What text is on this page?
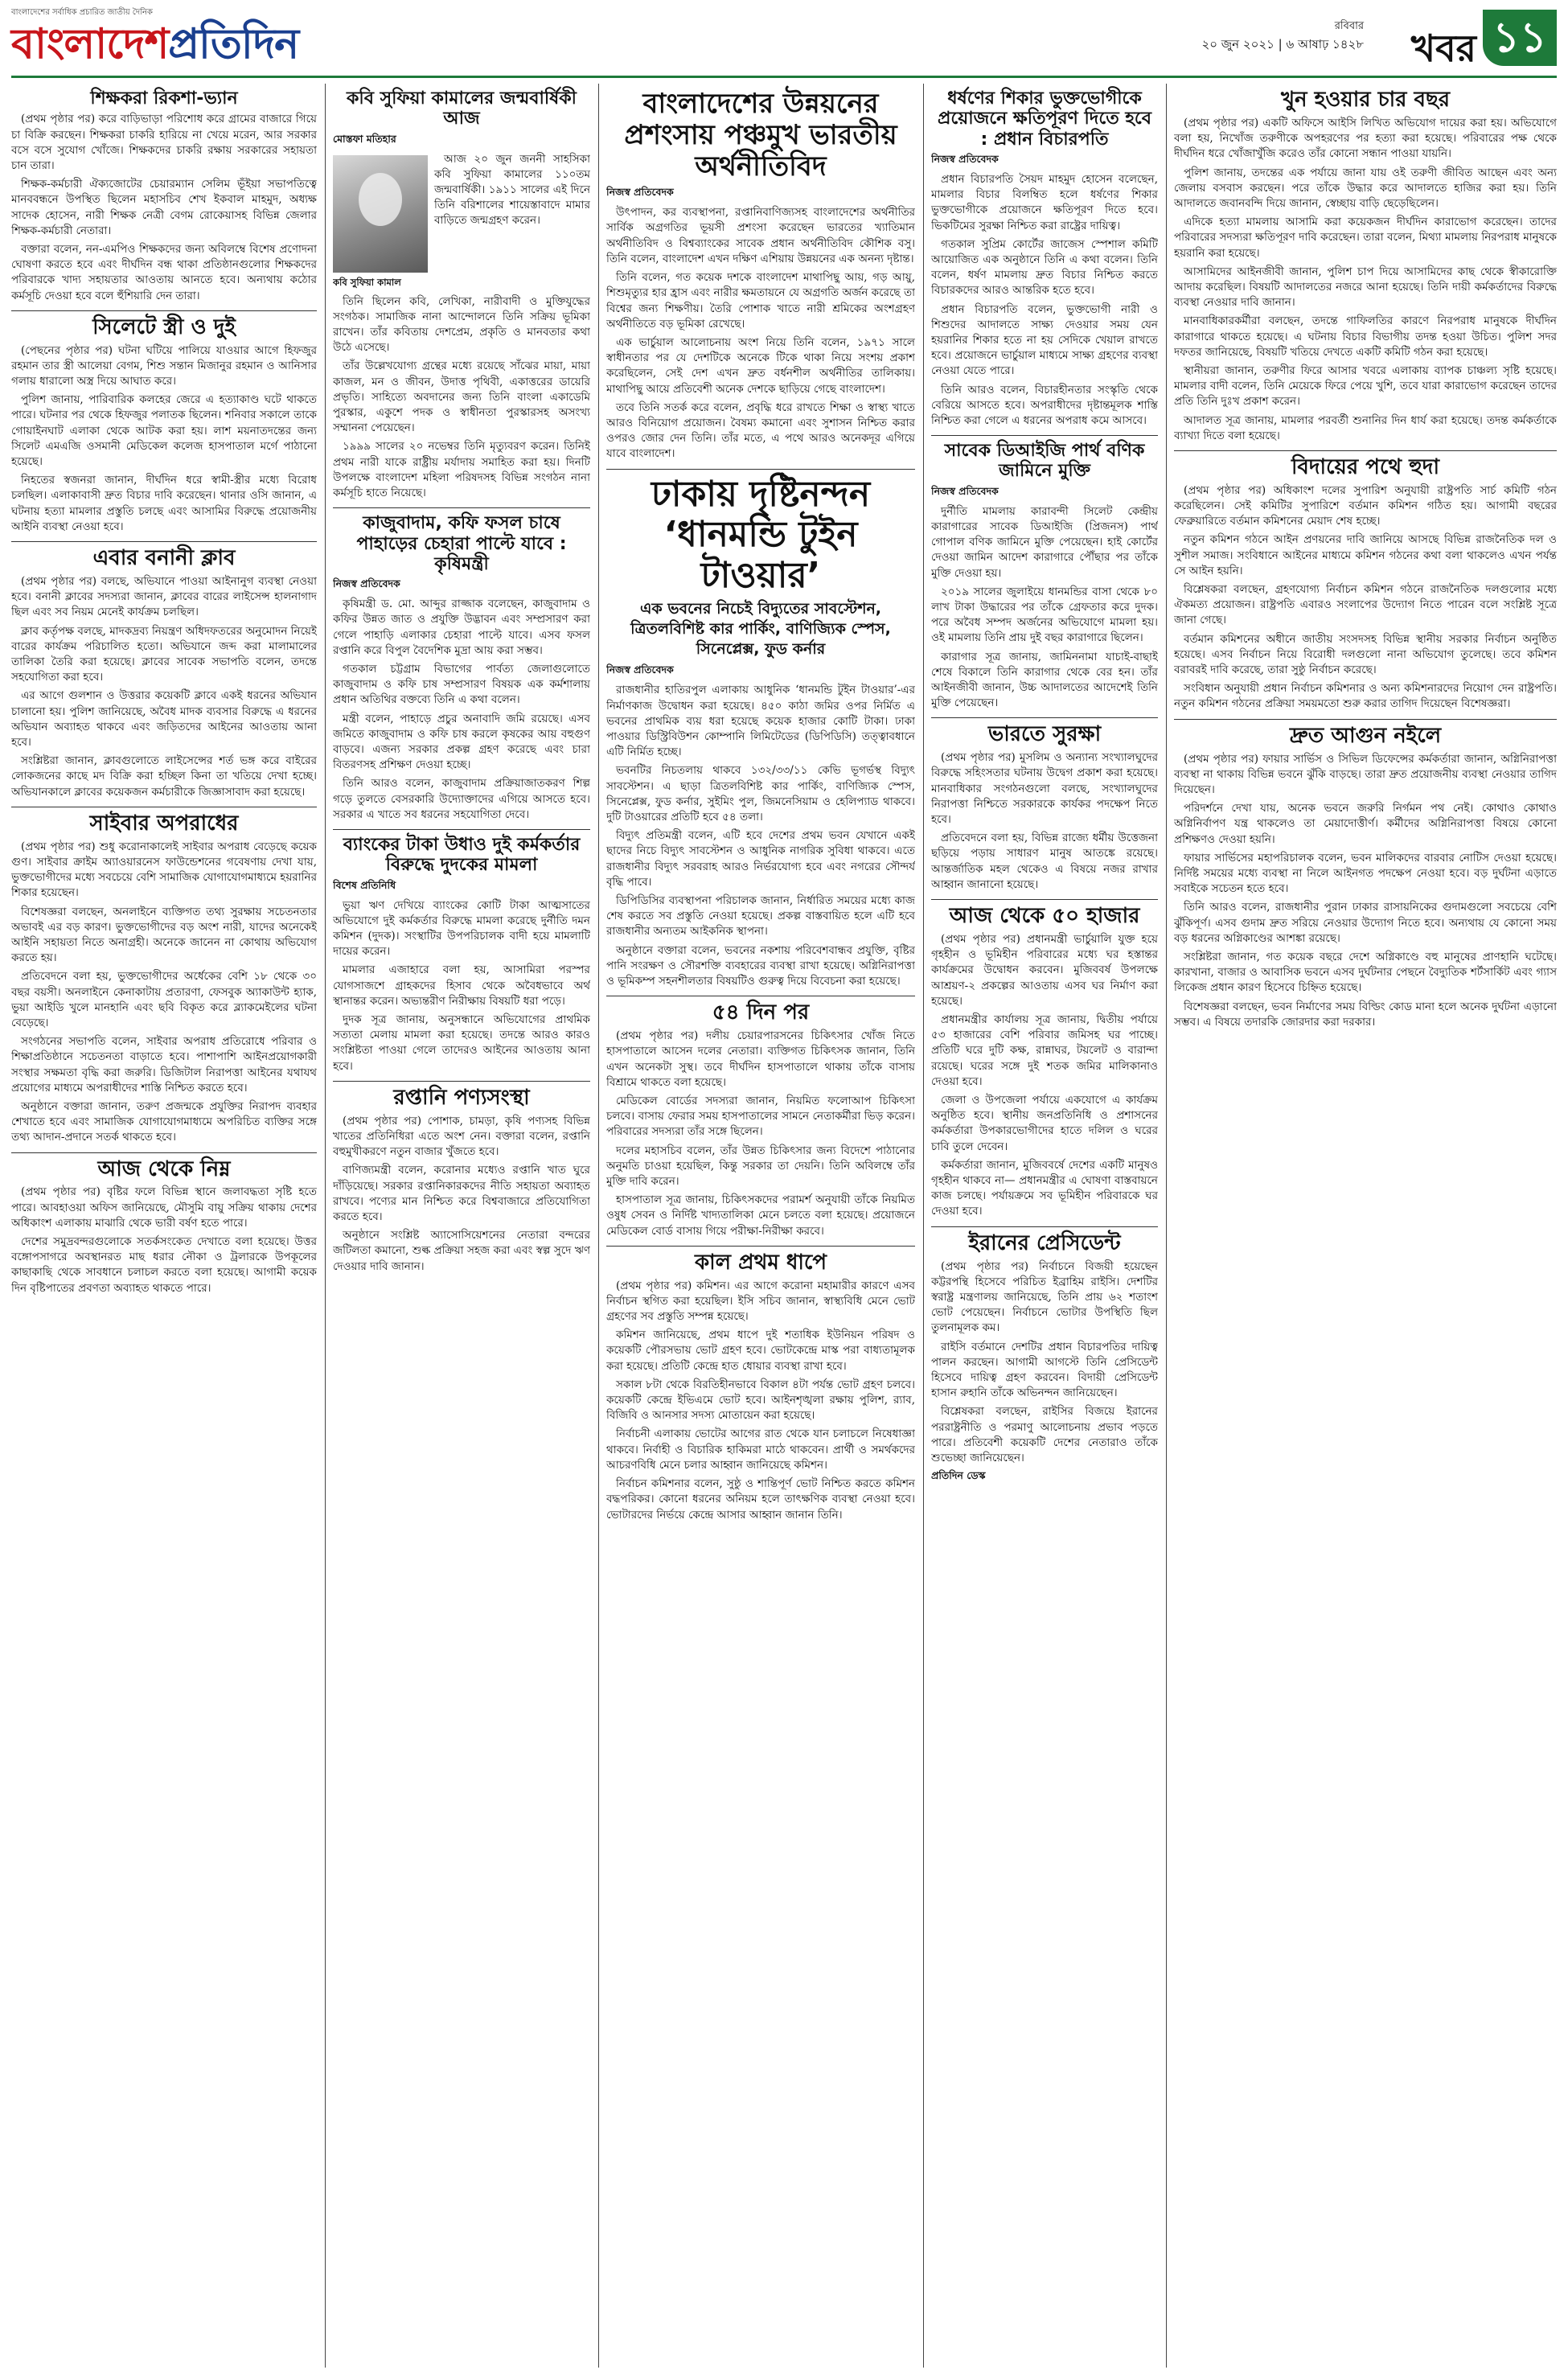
বাংলাদেশের সর্বাধিক প্রচারিত জাতীয় দৈনিক
বাংলাদেশপ্রতিদিন	রবিবার
২০ জুন ২০২১ | ৬ আষাঢ় ১৪২৮ খবর ১১
শিক্ষকরা রিকশা-ভ্যান

(প্রথম পৃষ্ঠার পর) করে বাড়িভাড়া পরিশোধ করে গ্রামের বাজারে গিয়ে চা বিক্রি করছেন। শিক্ষকরা চাকরি হারিয়ে না খেয়ে মরেন, আর সরকার বসে বসে সুযোগ খোঁজে। শিক্ষকদের চাকরি রক্ষায় সরকারের সহায়তা চান তারা।

শিক্ষক-কর্মচারী ঐক্যজোটের চেয়ারম্যান সেলিম ভূঁইয়া সভাপতিত্বে মানববন্ধনে উপস্থিত ছিলেন মহাসচিব শেখ ইকবাল মাহমুদ, অধ্যক্ষ সাদেক হোসেন, নারী শিক্ষক নেত্রী বেগম রোকেয়াসহ বিভিন্ন জেলার শিক্ষক-কর্মচারী নেতারা।

বক্তারা বলেন, নন-এমপিও শিক্ষকদের জন্য অবিলম্বে বিশেষ প্রণোদনা ঘোষণা করতে হবে এবং দীর্ঘদিন বন্ধ থাকা প্রতিষ্ঠানগুলোর শিক্ষকদের পরিবারকে খাদ্য সহায়তার আওতায় আনতে হবে। অন্যথায় কঠোর কর্মসূচি দেওয়া হবে বলে হুঁশিয়ারি দেন তারা।

সিলেটে স্ত্রী ও দুই

(পেছনের পৃষ্ঠার পর) ঘটনা ঘটিয়ে পালিয়ে যাওয়ার আগে হিফজুর রহমান তার স্ত্রী আলেয়া বেগম, শিশু সন্তান মিজানুর রহমান ও আনিসার গলায় ধারালো অস্ত্র দিয়ে আঘাত করে।

পুলিশ জানায়, পারিবারিক কলহের জেরে এ হত্যাকাণ্ড ঘটে থাকতে পারে। ঘটনার পর থেকে হিফজুর পলাতক ছিলেন। শনিবার সকালে তাকে গোয়াইনঘাট এলাকা থেকে আটক করা হয়। লাশ ময়নাতদন্তের জন্য সিলেট এমএজি ওসমানী মেডিকেল কলেজ হাসপাতাল মর্গে পাঠানো হয়েছে।

নিহতের স্বজনরা জানান, দীর্ঘদিন ধরে স্বামী-স্ত্রীর মধ্যে বিরোধ চলছিল। এলাকাবাসী দ্রুত বিচার দাবি করেছেন। থানার ওসি জানান, এ ঘটনায় হত্যা মামলার প্রস্তুতি চলছে এবং আসামির বিরুদ্ধে প্রয়োজনীয় আইনি ব্যবস্থা নেওয়া হবে।

এবার বনানী ক্লাব

(প্রথম পৃষ্ঠার পর) বলছে, অভিযানে পাওয়া আইনানুগ ব্যবস্থা নেওয়া হবে। বনানী ক্লাবের সদস্যরা জানান, ক্লাবের বারের লাইসেন্স হালনাগাদ ছিল এবং সব নিয়ম মেনেই কার্যক্রম চলছিল।

ক্লাব কর্তৃপক্ষ বলছে, মাদকদ্রব্য নিয়ন্ত্রণ অধিদফতরের অনুমোদন নিয়েই বারের কার্যক্রম পরিচালিত হতো। অভিযানে জব্দ করা মালামালের তালিকা তৈরি করা হয়েছে। ক্লাবের সাবেক সভাপতি বলেন, তদন্তে সহযোগিতা করা হবে।

এর আগে গুলশান ও উত্তরার কয়েকটি ক্লাবে একই ধরনের অভিযান চালানো হয়। পুলিশ জানিয়েছে, অবৈধ মাদক ব্যবসার বিরুদ্ধে এ ধরনের অভিযান অব্যাহত থাকবে এবং জড়িতদের আইনের আওতায় আনা হবে।

সংশ্লিষ্টরা জানান, ক্লাবগুলোতে লাইসেন্সের শর্ত ভঙ্গ করে বাইরের লোকজনের কাছে মদ বিক্রি করা হচ্ছিল কিনা তা খতিয়ে দেখা হচ্ছে। অভিযানকালে ক্লাবের কয়েকজন কর্মচারীকে জিজ্ঞাসাবাদ করা হয়েছে।

সাইবার অপরাধের

(প্রথম পৃষ্ঠার পর) শুধু করোনাকালেই সাইবার অপরাধ বেড়েছে কয়েক গুণ। সাইবার ক্রাইম অ্যাওয়ারনেস ফাউন্ডেশনের গবেষণায় দেখা যায়, ভুক্তভোগীদের মধ্যে সবচেয়ে বেশি সামাজিক যোগাযোগমাধ্যমে হয়রানির শিকার হয়েছেন।

বিশেষজ্ঞরা বলছেন, অনলাইনে ব্যক্তিগত তথ্য সুরক্ষায় সচেতনতার অভাবই এর বড় কারণ। ভুক্তভোগীদের বড় অংশ নারী, যাদের অনেকেই আইনি সহায়তা নিতে অনাগ্রহী। অনেকে জানেন না কোথায় অভিযোগ করতে হয়।

প্রতিবেদনে বলা হয়, ভুক্তভোগীদের অর্ধেকের বেশি ১৮ থেকে ৩০ বছর বয়সী। অনলাইনে কেনাকাটায় প্রতারণা, ফেসবুক অ্যাকাউন্ট হ্যাক, ভুয়া আইডি খুলে মানহানি এবং ছবি বিকৃত করে ব্ল্যাকমেইলের ঘটনা বেড়েছে।

সংগঠনের সভাপতি বলেন, সাইবার অপরাধ প্রতিরোধে পরিবার ও শিক্ষাপ্রতিষ্ঠানে সচেতনতা বাড়াতে হবে। পাশাপাশি আইনপ্রয়োগকারী সংস্থার সক্ষমতা বৃদ্ধি করা জরুরি। ডিজিটাল নিরাপত্তা আইনের যথাযথ প্রয়োগের মাধ্যমে অপরাধীদের শাস্তি নিশ্চিত করতে হবে।

অনুষ্ঠানে বক্তারা জানান, তরুণ প্রজন্মকে প্রযুক্তির নিরাপদ ব্যবহার শেখাতে হবে এবং সামাজিক যোগাযোগমাধ্যমে অপরিচিত ব্যক্তির সঙ্গে তথ্য আদান-প্রদানে সতর্ক থাকতে হবে।

আজ থেকে নিম্ন

(প্রথম পৃষ্ঠার পর) বৃষ্টির ফলে বিভিন্ন স্থানে জলাবদ্ধতা সৃষ্টি হতে পারে। আবহাওয়া অফিস জানিয়েছে, মৌসুমি বায়ু সক্রিয় থাকায় দেশের অধিকাংশ এলাকায় মাঝারি থেকে ভারী বর্ষণ হতে পারে।

দেশের সমুদ্রবন্দরগুলোকে সতর্কসংকেত দেখাতে বলা হয়েছে। উত্তর বঙ্গোপসাগরে অবস্থানরত মাছ ধরার নৌকা ও ট্রলারকে উপকূলের কাছাকাছি থেকে সাবধানে চলাচল করতে বলা হয়েছে। আগামী কয়েক দিন বৃষ্টিপাতের প্রবণতা অব্যাহত থাকতে পারে।

কবি সুফিয়া কামালের জন্মবার্ষিকী আজ
মোস্তফা মতিহার

আজ ২০ জুন জননী সাহসিকা কবি সুফিয়া কামালের ১১০তম জন্মবার্ষিকী। ১৯১১ সালের এই দিনে তিনি বরিশালের শায়েস্তাবাদে মামার বাড়িতে জন্মগ্রহণ করেন।

কবি সুফিয়া কামাল

তিনি ছিলেন কবি, লেখিকা, নারীবাদী ও মুক্তিযুদ্ধের সংগঠক। সামাজিক নানা আন্দোলনে তিনি সক্রিয় ভূমিকা রাখেন। তাঁর কবিতায় দেশপ্রেম, প্রকৃতি ও মানবতার কথা উঠে এসেছে।

তাঁর উল্লেখযোগ্য গ্রন্থের মধ্যে রয়েছে সাঁঝের মায়া, মায়া কাজল, মন ও জীবন, উদাত্ত পৃথিবী, একাত্তরের ডায়েরি প্রভৃতি। সাহিত্যে অবদানের জন্য তিনি বাংলা একাডেমি পুরস্কার, একুশে পদক ও স্বাধীনতা পুরস্কারসহ অসংখ্য সম্মাননা পেয়েছেন।

১৯৯৯ সালের ২০ নভেম্বর তিনি মৃত্যুবরণ করেন। তিনিই প্রথম নারী যাকে রাষ্ট্রীয় মর্যাদায় সমাহিত করা হয়। দিনটি উপলক্ষে বাংলাদেশ মহিলা পরিষদসহ বিভিন্ন সংগঠন নানা কর্মসূচি হাতে নিয়েছে।

কাজুবাদাম, কফি ফসল চাষে পাহাড়ের চেহারা পাল্টে যাবে : কৃষিমন্ত্রী
নিজস্ব প্রতিবেদক

কৃষিমন্ত্রী ড. মো. আব্দুর রাজ্জাক বলেছেন, কাজুবাদাম ও কফির উন্নত জাত ও প্রযুক্তি উদ্ভাবন এবং সম্প্রসারণ করা গেলে পাহাড়ি এলাকার চেহারা পাল্টে যাবে। এসব ফসল রপ্তানি করে বিপুল বৈদেশিক মুদ্রা আয় করা সম্ভব।

গতকাল চট্টগ্রাম বিভাগের পার্বত্য জেলাগুলোতে কাজুবাদাম ও কফি চাষ সম্প্রসারণ বিষয়ক এক কর্মশালায় প্রধান অতিথির বক্তব্যে তিনি এ কথা বলেন।

মন্ত্রী বলেন, পাহাড়ে প্রচুর অনাবাদি জমি রয়েছে। এসব জমিতে কাজুবাদাম ও কফি চাষ করলে কৃষকের আয় বহুগুণ বাড়বে। এজন্য সরকার প্রকল্প গ্রহণ করেছে এবং চারা বিতরণসহ প্রশিক্ষণ দেওয়া হচ্ছে।

তিনি আরও বলেন, কাজুবাদাম প্রক্রিয়াজাতকরণ শিল্প গড়ে তুলতে বেসরকারি উদ্যোক্তাদের এগিয়ে আসতে হবে। সরকার এ খাতে সব ধরনের সহযোগিতা দেবে।

ব্যাংকের টাকা উধাও দুই কর্মকর্তার বিরুদ্ধে দুদকের মামলা
বিশেষ প্রতিনিধি

ভুয়া ঋণ দেখিয়ে ব্যাংকের কোটি টাকা আত্মসাতের অভিযোগে দুই কর্মকর্তার বিরুদ্ধে মামলা করেছে দুর্নীতি দমন কমিশন (দুদক)। সংস্থাটির উপপরিচালক বাদী হয়ে মামলাটি দায়ের করেন।

মামলার এজাহারে বলা হয়, আসামিরা পরস্পর যোগসাজশে গ্রাহকদের হিসাব থেকে অবৈধভাবে অর্থ স্থানান্তর করেন। অভ্যন্তরীণ নিরীক্ষায় বিষয়টি ধরা পড়ে।

দুদক সূত্র জানায়, অনুসন্ধানে অভিযোগের প্রাথমিক সত্যতা মেলায় মামলা করা হয়েছে। তদন্তে আরও কারও সংশ্লিষ্টতা পাওয়া গেলে তাদেরও আইনের আওতায় আনা হবে।

রপ্তানি পণ্যসংস্থা

(প্রথম পৃষ্ঠার পর) পোশাক, চামড়া, কৃষি পণ্যসহ বিভিন্ন খাতের প্রতিনিধিরা এতে অংশ নেন। বক্তারা বলেন, রপ্তানি বহুমুখীকরণে নতুন বাজার খুঁজতে হবে।

বাণিজ্যমন্ত্রী বলেন, করোনার মধ্যেও রপ্তানি খাত ঘুরে দাঁড়িয়েছে। সরকার রপ্তানিকারকদের নীতি সহায়তা অব্যাহত রাখবে। পণ্যের মান নিশ্চিত করে বিশ্ববাজারে প্রতিযোগিতা করতে হবে।

অনুষ্ঠানে সংশ্লিষ্ট অ্যাসোসিয়েশনের নেতারা বন্দরের জটিলতা কমানো, শুল্ক প্রক্রিয়া সহজ করা এবং স্বল্প সুদে ঋণ দেওয়ার দাবি জানান।

বাংলাদেশের উন্নয়নের প্রশংসায় পঞ্চমুখ ভারতীয় অর্থনীতিবিদ
নিজস্ব প্রতিবেদক

উৎপাদন, কর ব্যবস্থাপনা, রপ্তানিবাণিজ্যসহ বাংলাদেশের অর্থনীতির সার্বিক অগ্রগতির ভূয়সী প্রশংসা করেছেন ভারতের খ্যাতিমান অর্থনীতিবিদ ও বিশ্বব্যাংকের সাবেক প্রধান অর্থনীতিবিদ কৌশিক বসু। তিনি বলেন, বাংলাদেশ এখন দক্ষিণ এশিয়ায় উন্নয়নের এক অনন্য দৃষ্টান্ত।

তিনি বলেন, গত কয়েক দশকে বাংলাদেশ মাথাপিছু আয়, গড় আয়ু, শিশুমৃত্যুর হার হ্রাস এবং নারীর ক্ষমতায়নে যে অগ্রগতি অর্জন করেছে তা বিশ্বের জন্য শিক্ষণীয়। তৈরি পোশাক খাতে নারী শ্রমিকের অংশগ্রহণ অর্থনীতিতে বড় ভূমিকা রেখেছে।

এক ভার্চুয়াল আলোচনায় অংশ নিয়ে তিনি বলেন, ১৯৭১ সালে স্বাধীনতার পর যে দেশটিকে অনেকে টিকে থাকা নিয়ে সংশয় প্রকাশ করেছিলেন, সেই দেশ এখন দ্রুত বর্ধনশীল অর্থনীতির তালিকায়। মাথাপিছু আয়ে প্রতিবেশী অনেক দেশকে ছাড়িয়ে গেছে বাংলাদেশ।

তবে তিনি সতর্ক করে বলেন, প্রবৃদ্ধি ধরে রাখতে শিক্ষা ও স্বাস্থ্য খাতে আরও বিনিয়োগ প্রয়োজন। বৈষম্য কমানো এবং সুশাসন নিশ্চিত করার ওপরও জোর দেন তিনি। তাঁর মতে, এ পথে আরও অনেকদূর এগিয়ে যাবে বাংলাদেশ।

ঢাকায় দৃষ্টিনন্দন ‘ধানমন্ডি টুইন টাওয়ার’
এক ভবনের নিচেই বিদ্যুতের সাবস্টেশন, ত্রিতলবিশিষ্ট কার পার্কিং, বাণিজ্যিক স্পেস, সিনেপ্লেক্স, ফুড কর্নার
নিজস্ব প্রতিবেদক

রাজধানীর হাতিরপুল এলাকায় আধুনিক ‘ধানমন্ডি টুইন টাওয়ার’-এর নির্মাণকাজ উদ্বোধন করা হয়েছে। ৪৫০ কাঠা জমির ওপর নির্মিত এ ভবনের প্রাথমিক ব্যয় ধরা হয়েছে কয়েক হাজার কোটি টাকা। ঢাকা পাওয়ার ডিস্ট্রিবিউশন কোম্পানি লিমিটেডের (ডিপিডিসি) তত্ত্বাবধানে এটি নির্মিত হচ্ছে।

ভবনটির নিচতলায় থাকবে ১৩২/৩৩/১১ কেভি ভূগর্ভস্থ বিদ্যুৎ সাবস্টেশন। এ ছাড়া ত্রিতলবিশিষ্ট কার পার্কিং, বাণিজ্যিক স্পেস, সিনেপ্লেক্স, ফুড কর্নার, সুইমিং পুল, জিমনেসিয়াম ও হেলিপ্যাড থাকবে। দুটি টাওয়ারের প্রতিটি হবে ৫৪ তলা।

বিদ্যুৎ প্রতিমন্ত্রী বলেন, এটি হবে দেশের প্রথম ভবন যেখানে একই ছাদের নিচে বিদ্যুৎ সাবস্টেশন ও আধুনিক নাগরিক সুবিধা থাকবে। এতে রাজধানীর বিদ্যুৎ সরবরাহ আরও নির্ভরযোগ্য হবে এবং নগরের সৌন্দর্য বৃদ্ধি পাবে।

ডিপিডিসির ব্যবস্থাপনা পরিচালক জানান, নির্ধারিত সময়ের মধ্যে কাজ শেষ করতে সব প্রস্তুতি নেওয়া হয়েছে। প্রকল্প বাস্তবায়িত হলে এটি হবে রাজধানীর অন্যতম আইকনিক স্থাপনা।

অনুষ্ঠানে বক্তারা বলেন, ভবনের নকশায় পরিবেশবান্ধব প্রযুক্তি, বৃষ্টির পানি সংরক্ষণ ও সৌরশক্তি ব্যবহারের ব্যবস্থা রাখা হয়েছে। অগ্নিনিরাপত্তা ও ভূমিকম্প সহনশীলতার বিষয়টিও গুরুত্ব দিয়ে বিবেচনা করা হয়েছে।

৫৪ দিন পর

(প্রথম পৃষ্ঠার পর) দলীয় চেয়ারপারসনের চিকিৎসার খোঁজ নিতে হাসপাতালে আসেন দলের নেতারা। ব্যক্তিগত চিকিৎসক জানান, তিনি এখন অনেকটা সুস্থ। তবে দীর্ঘদিন হাসপাতালে থাকায় তাঁকে বাসায় বিশ্রামে থাকতে বলা হয়েছে।

মেডিকেল বোর্ডের সদস্যরা জানান, নিয়মিত ফলোআপ চিকিৎসা চলবে। বাসায় ফেরার সময় হাসপাতালের সামনে নেতাকর্মীরা ভিড় করেন। পরিবারের সদস্যরা তাঁর সঙ্গে ছিলেন।

দলের মহাসচিব বলেন, তাঁর উন্নত চিকিৎসার জন্য বিদেশে পাঠানোর অনুমতি চাওয়া হয়েছিল, কিন্তু সরকার তা দেয়নি। তিনি অবিলম্বে তাঁর মুক্তি দাবি করেন।

হাসপাতাল সূত্র জানায়, চিকিৎসকদের পরামর্শ অনুযায়ী তাঁকে নিয়মিত ওষুধ সেবন ও নির্দিষ্ট খাদ্যতালিকা মেনে চলতে বলা হয়েছে। প্রয়োজনে মেডিকেল বোর্ড বাসায় গিয়ে পরীক্ষা-নিরীক্ষা করবে।

কাল প্রথম ধাপে

(প্রথম পৃষ্ঠার পর) কমিশন। এর আগে করোনা মহামারীর কারণে এসব নির্বাচন স্থগিত করা হয়েছিল। ইসি সচিব জানান, স্বাস্থ্যবিধি মেনে ভোট গ্রহণের সব প্রস্তুতি সম্পন্ন হয়েছে।

কমিশন জানিয়েছে, প্রথম ধাপে দুই শতাধিক ইউনিয়ন পরিষদ ও কয়েকটি পৌরসভায় ভোট গ্রহণ হবে। ভোটকেন্দ্রে মাস্ক পরা বাধ্যতামূলক করা হয়েছে। প্রতিটি কেন্দ্রে হাত ধোয়ার ব্যবস্থা রাখা হবে।

সকাল ৮টা থেকে বিরতিহীনভাবে বিকাল ৪টা পর্যন্ত ভোট গ্রহণ চলবে। কয়েকটি কেন্দ্রে ইভিএমে ভোট হবে। আইনশৃঙ্খলা রক্ষায় পুলিশ, র‍্যাব, বিজিবি ও আনসার সদস্য মোতায়েন করা হয়েছে।

নির্বাচনী এলাকায় ভোটের আগের রাত থেকে যান চলাচলে নিষেধাজ্ঞা থাকবে। নির্বাহী ও বিচারিক হাকিমরা মাঠে থাকবেন। প্রার্থী ও সমর্থকদের আচরণবিধি মেনে চলার আহ্বান জানিয়েছে কমিশন।

নির্বাচন কমিশনার বলেন, সুষ্ঠু ও শান্তিপূর্ণ ভোট নিশ্চিত করতে কমিশন বদ্ধপরিকর। কোনো ধরনের অনিয়ম হলে তাৎক্ষণিক ব্যবস্থা নেওয়া হবে। ভোটারদের নির্ভয়ে কেন্দ্রে আসার আহ্বান জানান তিনি।

ধর্ষণের শিকার ভুক্তভোগীকে প্রয়োজনে ক্ষতিপূরণ দিতে হবে : প্রধান বিচারপতি
নিজস্ব প্রতিবেদক

প্রধান বিচারপতি সৈয়দ মাহমুদ হোসেন বলেছেন, মামলার বিচার বিলম্বিত হলে ধর্ষণের শিকার ভুক্তভোগীকে প্রয়োজনে ক্ষতিপূরণ দিতে হবে। ভিকটিমের সুরক্ষা নিশ্চিত করা রাষ্ট্রের দায়িত্ব।

গতকাল সুপ্রিম কোর্টের জাজেস স্পেশাল কমিটি আয়োজিত এক অনুষ্ঠানে তিনি এ কথা বলেন। তিনি বলেন, ধর্ষণ মামলায় দ্রুত বিচার নিশ্চিত করতে বিচারকদের আরও আন্তরিক হতে হবে।

প্রধান বিচারপতি বলেন, ভুক্তভোগী নারী ও শিশুদের আদালতে সাক্ষ্য দেওয়ার সময় যেন হয়রানির শিকার হতে না হয় সেদিকে খেয়াল রাখতে হবে। প্রয়োজনে ভার্চুয়াল মাধ্যমে সাক্ষ্য গ্রহণের ব্যবস্থা নেওয়া যেতে পারে।

তিনি আরও বলেন, বিচারহীনতার সংস্কৃতি থেকে বেরিয়ে আসতে হবে। অপরাধীদের দৃষ্টান্তমূলক শাস্তি নিশ্চিত করা গেলে এ ধরনের অপরাধ কমে আসবে।

সাবেক ডিআইজি পার্থ বণিক জামিনে মুক্তি
নিজস্ব প্রতিবেদক

দুর্নীতি মামলায় কারাবন্দী সিলেট কেন্দ্রীয় কারাগারের সাবেক ডিআইজি (প্রিজনস) পার্থ গোপাল বণিক জামিনে মুক্তি পেয়েছেন। হাই কোর্টের দেওয়া জামিন আদেশ কারাগারে পৌঁছার পর তাঁকে মুক্তি দেওয়া হয়।

২০১৯ সালের জুলাইয়ে ধানমন্ডির বাসা থেকে ৮০ লাখ টাকা উদ্ধারের পর তাঁকে গ্রেফতার করে দুদক। পরে অবৈধ সম্পদ অর্জনের অভিযোগে মামলা হয়। ওই মামলায় তিনি প্রায় দুই বছর কারাগারে ছিলেন।

কারাগার সূত্র জানায়, জামিননামা যাচাই-বাছাই শেষে বিকালে তিনি কারাগার থেকে বের হন। তাঁর আইনজীবী জানান, উচ্চ আদালতের আদেশেই তিনি মুক্তি পেয়েছেন।

ভারতে সুরক্ষা

(প্রথম পৃষ্ঠার পর) মুসলিম ও অন্যান্য সংখ্যালঘুদের বিরুদ্ধে সহিংসতার ঘটনায় উদ্বেগ প্রকাশ করা হয়েছে। মানবাধিকার সংগঠনগুলো বলছে, সংখ্যালঘুদের নিরাপত্তা নিশ্চিতে সরকারকে কার্যকর পদক্ষেপ নিতে হবে।

প্রতিবেদনে বলা হয়, বিভিন্ন রাজ্যে ধর্মীয় উত্তেজনা ছড়িয়ে পড়ায় সাধারণ মানুষ আতঙ্কে রয়েছে। আন্তর্জাতিক মহল থেকেও এ বিষয়ে নজর রাখার আহ্বান জানানো হয়েছে।

আজ থেকে ৫০ হাজার

(প্রথম পৃষ্ঠার পর) প্রধানমন্ত্রী ভার্চুয়ালি যুক্ত হয়ে গৃহহীন ও ভূমিহীন পরিবারের মধ্যে ঘর হস্তান্তর কার্যক্রমের উদ্বোধন করবেন। মুজিববর্ষ উপলক্ষে আশ্রয়ণ-২ প্রকল্পের আওতায় এসব ঘর নির্মাণ করা হয়েছে।

প্রধানমন্ত্রীর কার্যালয় সূত্র জানায়, দ্বিতীয় পর্যায়ে ৫৩ হাজারের বেশি পরিবার জমিসহ ঘর পাচ্ছে। প্রতিটি ঘরে দুটি কক্ষ, রান্নাঘর, টয়লেট ও বারান্দা রয়েছে। ঘরের সঙ্গে দুই শতক জমির মালিকানাও দেওয়া হবে।

জেলা ও উপজেলা পর্যায়ে একযোগে এ কার্যক্রম অনুষ্ঠিত হবে। স্থানীয় জনপ্রতিনিধি ও প্রশাসনের কর্মকর্তারা উপকারভোগীদের হাতে দলিল ও ঘরের চাবি তুলে দেবেন।

কর্মকর্তারা জানান, মুজিববর্ষে দেশের একটি মানুষও গৃহহীন থাকবে না— প্রধানমন্ত্রীর এ ঘোষণা বাস্তবায়নে কাজ চলছে। পর্যায়ক্রমে সব ভূমিহীন পরিবারকে ঘর দেওয়া হবে।

ইরানের প্রেসিডেন্ট

(প্রথম পৃষ্ঠার পর) নির্বাচনে বিজয়ী হয়েছেন কট্টরপন্থি হিসেবে পরিচিত ইব্রাহিম রাইসি। দেশটির স্বরাষ্ট্র মন্ত্রণালয় জানিয়েছে, তিনি প্রায় ৬২ শতাংশ ভোট পেয়েছেন। নির্বাচনে ভোটার উপস্থিতি ছিল তুলনামূলক কম।

রাইসি বর্তমানে দেশটির প্রধান বিচারপতির দায়িত্ব পালন করছেন। আগামী আগস্টে তিনি প্রেসিডেন্ট হিসেবে দায়িত্ব গ্রহণ করবেন। বিদায়ী প্রেসিডেন্ট হাসান রুহানি তাঁকে অভিনন্দন জানিয়েছেন।

বিশ্লেষকরা বলছেন, রাইসির বিজয়ে ইরানের পররাষ্ট্রনীতি ও পরমাণু আলোচনায় প্রভাব পড়তে পারে। প্রতিবেশী কয়েকটি দেশের নেতারাও তাঁকে শুভেচ্ছা জানিয়েছেন।

প্রতিদিন ডেস্ক
খুন হওয়ার চার বছর

(প্রথম পৃষ্ঠার পর) একটি অফিসে আইসি লিখিত অভিযোগ দায়ের করা হয়। অভিযোগে বলা হয়, নিখোঁজ তরুণীকে অপহরণের পর হত্যা করা হয়েছে। পরিবারের পক্ষ থেকে দীর্ঘদিন ধরে খোঁজাখুঁজি করেও তাঁর কোনো সন্ধান পাওয়া যায়নি।

পুলিশ জানায়, তদন্তের এক পর্যায়ে জানা যায় ওই তরুণী জীবিত আছেন এবং অন্য জেলায় বসবাস করছেন। পরে তাঁকে উদ্ধার করে আদালতে হাজির করা হয়। তিনি আদালতে জবানবন্দি দিয়ে জানান, স্বেচ্ছায় বাড়ি ছেড়েছিলেন।

এদিকে হত্যা মামলায় আসামি করা কয়েকজন দীর্ঘদিন কারাভোগ করেছেন। তাদের পরিবারের সদস্যরা ক্ষতিপূরণ দাবি করেছেন। তারা বলেন, মিথ্যা মামলায় নিরপরাধ মানুষকে হয়রানি করা হয়েছে।

আসামিদের আইনজীবী জানান, পুলিশ চাপ দিয়ে আসামিদের কাছ থেকে স্বীকারোক্তি আদায় করেছিল। বিষয়টি আদালতের নজরে আনা হয়েছে। তিনি দায়ী কর্মকর্তাদের বিরুদ্ধে ব্যবস্থা নেওয়ার দাবি জানান।

মানবাধিকারকর্মীরা বলছেন, তদন্তে গাফিলতির কারণে নিরপরাধ মানুষকে দীর্ঘদিন কারাগারে থাকতে হয়েছে। এ ঘটনায় বিচার বিভাগীয় তদন্ত হওয়া উচিত। পুলিশ সদর দফতর জানিয়েছে, বিষয়টি খতিয়ে দেখতে একটি কমিটি গঠন করা হয়েছে।

স্থানীয়রা জানান, তরুণীর ফিরে আসার খবরে এলাকায় ব্যাপক চাঞ্চল্য সৃষ্টি হয়েছে। মামলার বাদী বলেন, তিনি মেয়েকে ফিরে পেয়ে খুশি, তবে যারা কারাভোগ করেছেন তাদের প্রতি তিনি দুঃখ প্রকাশ করেন।

আদালত সূত্র জানায়, মামলার পরবর্তী শুনানির দিন ধার্য করা হয়েছে। তদন্ত কর্মকর্তাকে ব্যাখ্যা দিতে বলা হয়েছে।

বিদায়ের পথে হুদা

(প্রথম পৃষ্ঠার পর) অধিকাংশ দলের সুপারিশ অনুযায়ী রাষ্ট্রপতি সার্চ কমিটি গঠন করেছিলেন। সেই কমিটির সুপারিশে বর্তমান কমিশন গঠিত হয়। আগামী বছরের ফেব্রুয়ারিতে বর্তমান কমিশনের মেয়াদ শেষ হচ্ছে।

নতুন কমিশন গঠনে আইন প্রণয়নের দাবি জানিয়ে আসছে বিভিন্ন রাজনৈতিক দল ও সুশীল সমাজ। সংবিধানে আইনের মাধ্যমে কমিশন গঠনের কথা বলা থাকলেও এখন পর্যন্ত সে আইন হয়নি।

বিশ্লেষকরা বলছেন, গ্রহণযোগ্য নির্বাচন কমিশন গঠনে রাজনৈতিক দলগুলোর মধ্যে ঐকমত্য প্রয়োজন। রাষ্ট্রপতি এবারও সংলাপের উদ্যোগ নিতে পারেন বলে সংশ্লিষ্ট সূত্রে জানা গেছে।

বর্তমান কমিশনের অধীনে জাতীয় সংসদসহ বিভিন্ন স্থানীয় সরকার নির্বাচন অনুষ্ঠিত হয়েছে। এসব নির্বাচন নিয়ে বিরোধী দলগুলো নানা অভিযোগ তুলেছে। তবে কমিশন বরাবরই দাবি করেছে, তারা সুষ্ঠু নির্বাচন করেছে।

সংবিধান অনুযায়ী প্রধান নির্বাচন কমিশনার ও অন্য কমিশনারদের নিয়োগ দেন রাষ্ট্রপতি। নতুন কমিশন গঠনের প্রক্রিয়া সময়মতো শুরু করার তাগিদ দিয়েছেন বিশেষজ্ঞরা।

দ্রুত আগুন নইলে

(প্রথম পৃষ্ঠার পর) ফায়ার সার্ভিস ও সিভিল ডিফেন্সের কর্মকর্তারা জানান, অগ্নিনিরাপত্তা ব্যবস্থা না থাকায় বিভিন্ন ভবনে ঝুঁকি বাড়ছে। তারা দ্রুত প্রয়োজনীয় ব্যবস্থা নেওয়ার তাগিদ দিয়েছেন।

পরিদর্শনে দেখা যায়, অনেক ভবনে জরুরি নির্গমন পথ নেই। কোথাও কোথাও অগ্নিনির্বাপণ যন্ত্র থাকলেও তা মেয়াদোত্তীর্ণ। কর্মীদের অগ্নিনিরাপত্তা বিষয়ে কোনো প্রশিক্ষণও দেওয়া হয়নি।

ফায়ার সার্ভিসের মহাপরিচালক বলেন, ভবন মালিকদের বারবার নোটিস দেওয়া হয়েছে। নির্দিষ্ট সময়ের মধ্যে ব্যবস্থা না নিলে আইনগত পদক্ষেপ নেওয়া হবে। বড় দুর্ঘটনা এড়াতে সবাইকে সচেতন হতে হবে।

তিনি আরও বলেন, রাজধানীর পুরান ঢাকার রাসায়নিকের গুদামগুলো সবচেয়ে বেশি ঝুঁকিপূর্ণ। এসব গুদাম দ্রুত সরিয়ে নেওয়ার উদ্যোগ নিতে হবে। অন্যথায় যে কোনো সময় বড় ধরনের অগ্নিকাণ্ডের আশঙ্কা রয়েছে।

সংশ্লিষ্টরা জানান, গত কয়েক বছরে দেশে অগ্নিকাণ্ডে বহু মানুষের প্রাণহানি ঘটেছে। কারখানা, বাজার ও আবাসিক ভবনে এসব দুর্ঘটনার পেছনে বৈদ্যুতিক শর্টসার্কিট এবং গ্যাস লিকেজ প্রধান কারণ হিসেবে চিহ্নিত হয়েছে।

বিশেষজ্ঞরা বলছেন, ভবন নির্মাণের সময় বিল্ডিং কোড মানা হলে অনেক দুর্ঘটনা এড়ানো সম্ভব। এ বিষয়ে তদারকি জোরদার করা দরকার।
